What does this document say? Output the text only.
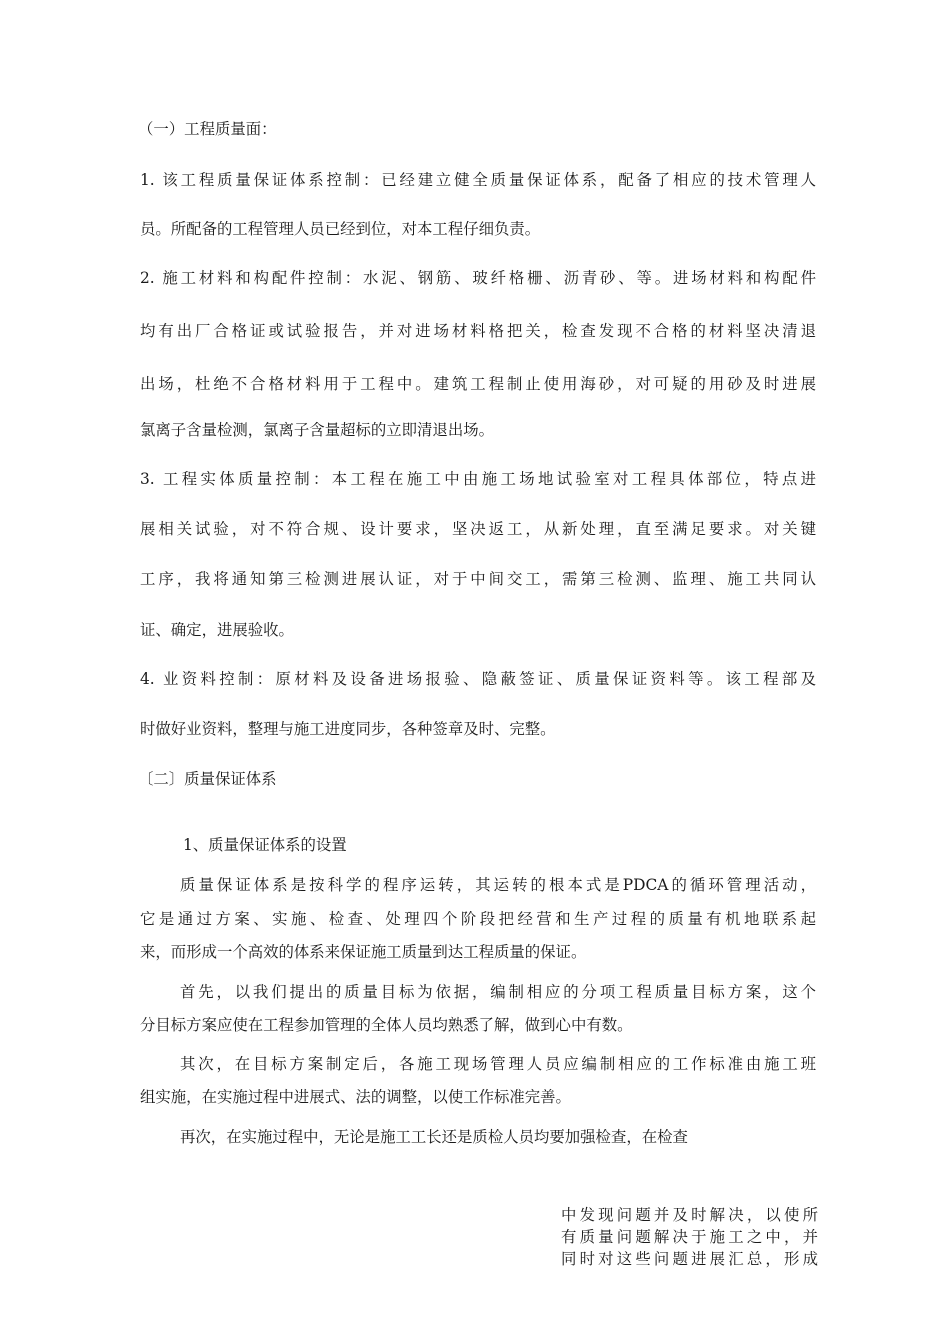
（一）工程质量面：
1. 该工程质量保证体系控制：已经建立健全质量保证体系，配备了相应的技术管理人
员。所配备的工程管理人员已经到位，对本工程仔细负责。
2. 施工材料和构配件控制：水泥、钢筋、玻纤格栅、沥青砂、等。进场材料和构配件
均有出厂合格证或试验报告，并对进场材料格把关，检查发现不合格的材料坚决清退
出场，杜绝不合格材料用于工程中。建筑工程制止使用海砂，对可疑的用砂及时进展
氯离子含量检测，氯离子含量超标的立即清退出场。
3. 工程实体质量控制：本工程在施工中由施工场地试验室对工程具体部位，特点进
展相关试验，对不符合规、设计要求，坚决返工，从新处理，直至满足要求。对关键
工序，我将通知第三检测进展认证，对于中间交工，需第三检测、监理、施工共同认
证、确定，进展验收。
4. 业资料控制：原材料及设备进场报验、隐蔽签证、质量保证资料等。该工程部及
时做好业资料，整理与施工进度同步，各种签章及时、完整。
〔二〕质量保证体系
1、质量保证体系的设置
质量保证体系是按科学的程序运转，其运转的根本式是PDCA的循环管理活动，
它是通过方案、实施、检查、处理四个阶段把经营和生产过程的质量有机地联系起
来，而形成一个高效的体系来保证施工质量到达工程质量的保证。
首先，以我们提出的质量目标为依据，编制相应的分项工程质量目标方案，这个
分目标方案应使在工程参加管理的全体人员均熟悉了解，做到心中有数。
其次，在目标方案制定后，各施工现场管理人员应编制相应的工作标准由施工班
组实施，在实施过程中进展式、法的调整，以使工作标准完善。
再次，在实施过程中，无论是施工工长还是质检人员均要加强检查，在检查
中发现问题并及时解决，以使所
有质量问题解决于施工之中，并
同时对这些问题进展汇总，形成
